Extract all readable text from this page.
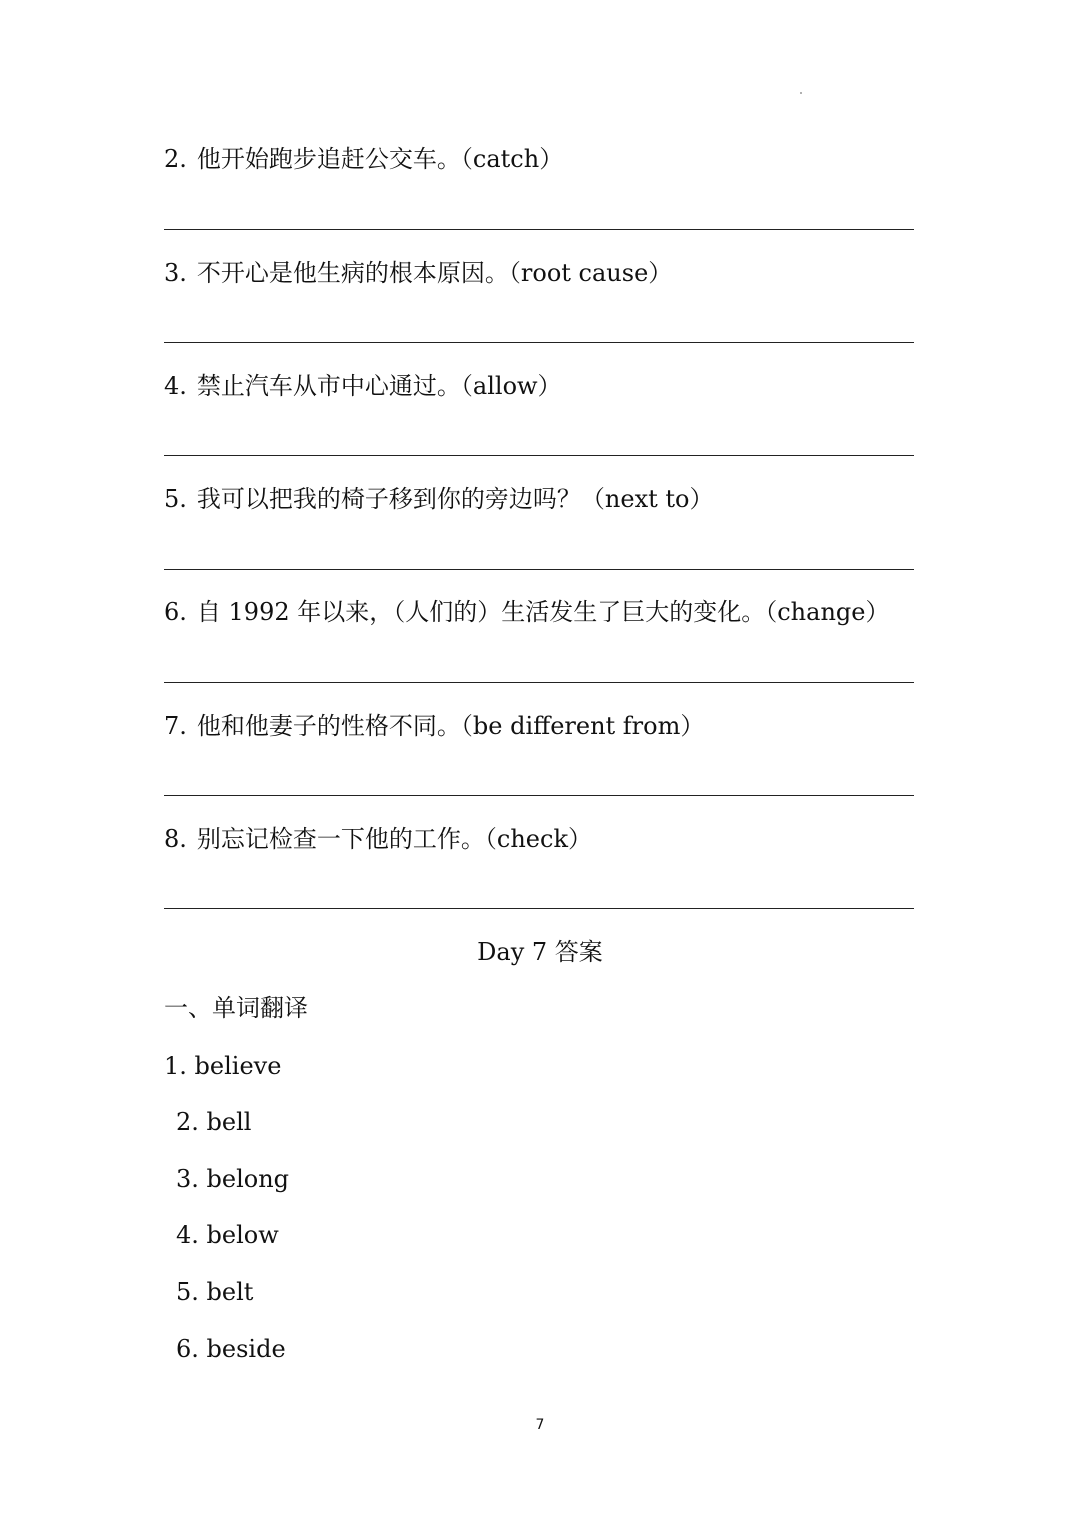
2. 他开始跑步追赶公交车。（catch）
3. 不开心是他生病的根本原因。（root cause）
4. 禁止汽车从市中心通过。（allow）
5. 我可以把我的椅子移到你的旁边吗？（next to）
6. 自 1992 年以来，（人们的）生活发生了巨大的变化。（change）
7. 他和他妻子的性格不同。（be different from）
8. 别忘记检查一下他的工作。（check）
Day 7 答案
一、单词翻译
1. believe
2. bell
3. belong
4. below
5. belt
6. beside
7
